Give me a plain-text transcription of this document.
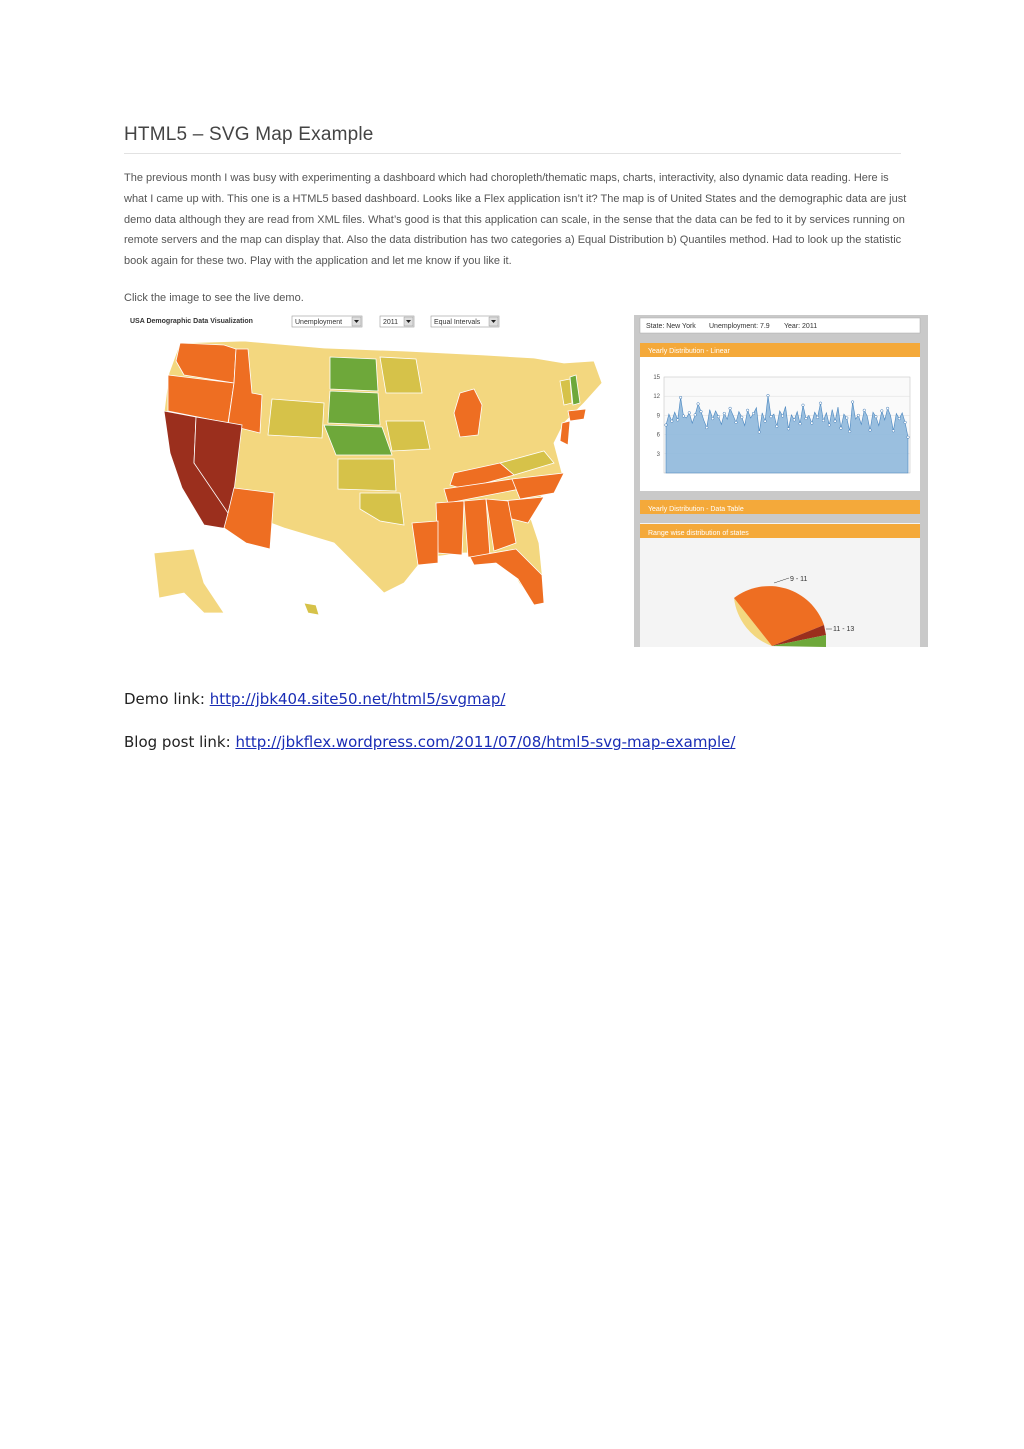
HTML5 – SVG Map Example
The previous month I was busy with experimenting a dashboard which had choropleth/thematic maps, charts, interactivity, also dynamic data reading. Here is what I came up with. This one is a HTML5 based dashboard. Looks like a Flex application isn’t it? The map is of United States and the demographic data are just demo data although they are read from XML files. What’s good is that this application can scale, in the sense that the data can be fed to it by services running on remote servers and the map can display that. Also the data distribution has two categories a) Equal Distribution b) Quantiles method. Had to look up the statistic book again for these two. Play with the application and let me know if you like it.
Click the image to see the live demo.
USA Demographic Data Visualization	Unemployment	2011	Equal Intervals
State: New York Unemployment: 7.9 Year: 2011
Yearly Distribution - Linear
15
12
9
6
3
Yearly Distribution - Data Table
Range wise distribution of states
9 - 11
11 - 13

Demo link: http://jbk404.site50.net/html5/svgmap/

Blog post link: http://jbkflex.wordpress.com/2011/07/08/html5-svg-map-example/
